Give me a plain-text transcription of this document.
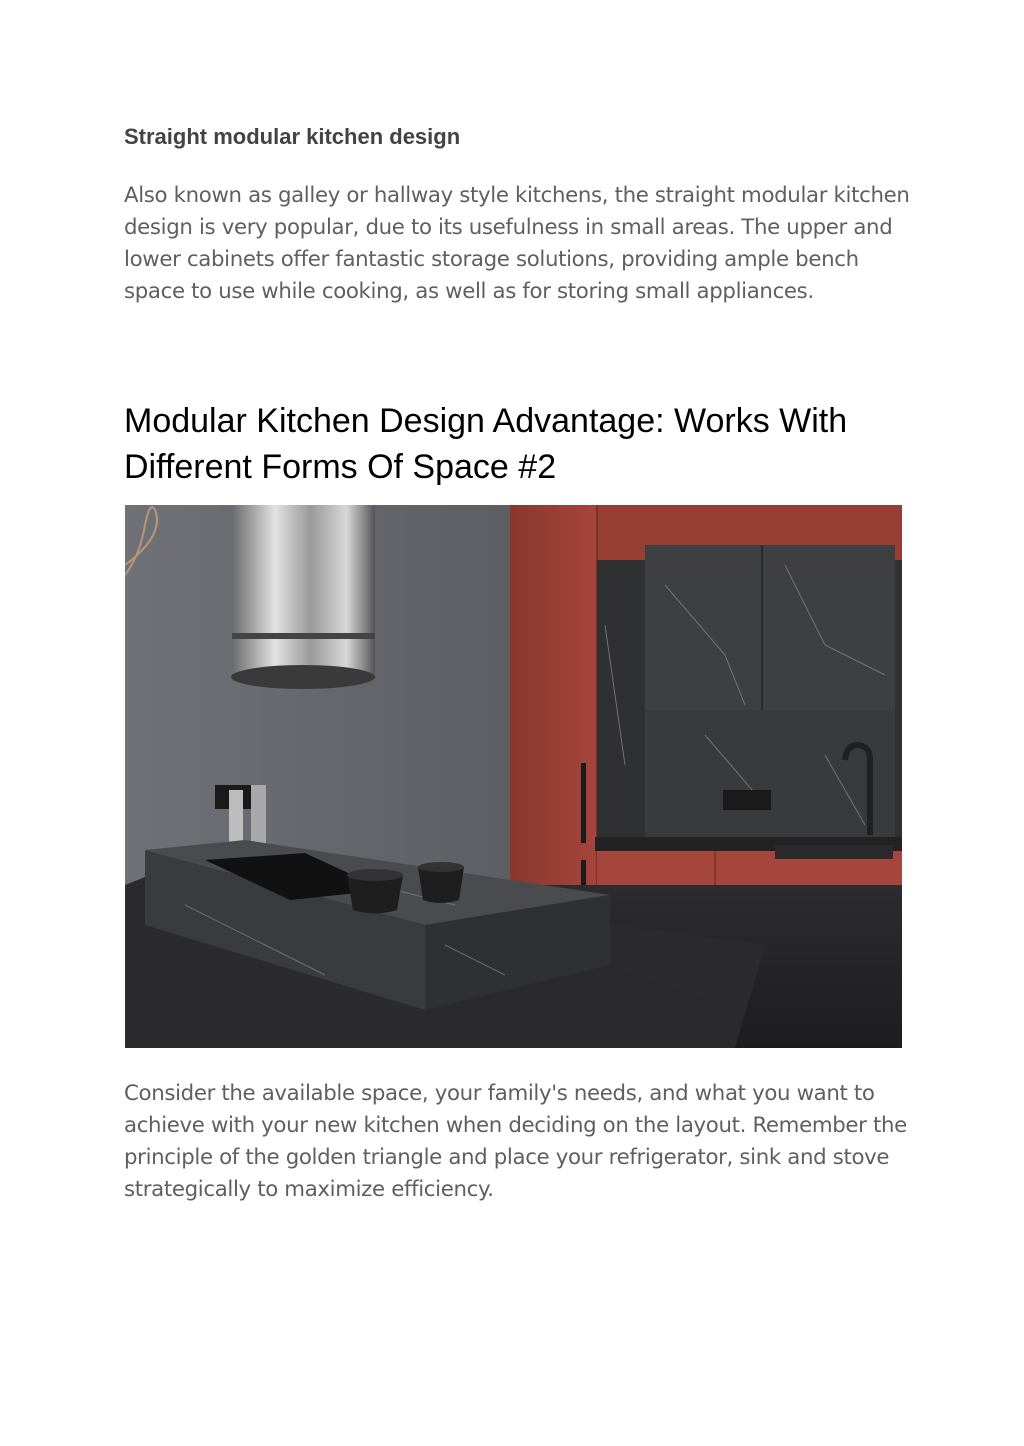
Straight modular kitchen design

Also known as galley or hallway style kitchens, the straight modular kitchen design is very popular, due to its usefulness in small areas. The upper and lower cabinets offer fantastic storage solutions, providing ample bench space to use while cooking, as well as for storing small appliances.

Modular Kitchen Design Advantage: Works With Different Forms Of Space #2

Consider the available space, your family's needs, and what you want to achieve with your new kitchen when deciding on the layout. Remember the principle of the golden triangle and place your refrigerator, sink and stove strategically to maximize efficiency.
